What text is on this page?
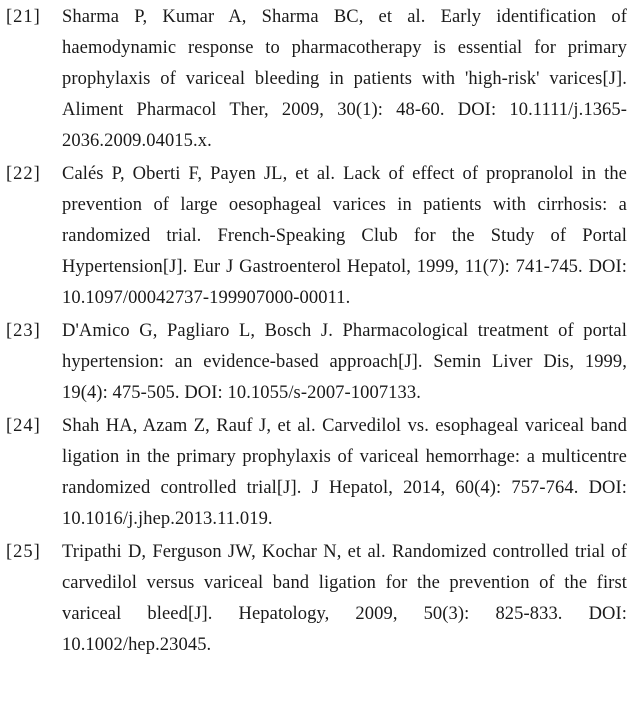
[21]	Sharma P, Kumar A, Sharma BC, et al. Early identification of haemodynamic response to pharmacotherapy is essential for primary prophylaxis of variceal bleeding in patients with 'high-risk' varices[J]. Aliment Pharmacol Ther, 2009, 30(1): 48-60. DOI: 10.1111/j.1365-2036.2009.04015.x.
[22]	Calés P, Oberti F, Payen JL, et al. Lack of effect of propranolol in the prevention of large oesophageal varices in patients with cirrhosis: a randomized trial. French-Speaking Club for the Study of Portal Hypertension[J]. Eur J Gastroenterol Hepatol, 1999, 11(7): 741-745. DOI: 10.1097/00042737-199907000-00011.
[23]	D'Amico G, Pagliaro L, Bosch J. Pharmacological treatment of portal hypertension: an evidence-based approach[J]. Semin Liver Dis, 1999, 19(4): 475-505. DOI: 10.1055/s-2007-1007133.
[24]	Shah HA, Azam Z, Rauf J, et al. Carvedilol vs. esophageal variceal band ligation in the primary prophylaxis of variceal hemorrhage: a multicentre randomized controlled trial[J]. J Hepatol, 2014, 60(4): 757-764. DOI: 10.1016/j.jhep.2013.11.019.
[25]	Tripathi D, Ferguson JW, Kochar N, et al. Randomized controlled trial of carvedilol versus variceal band ligation for the prevention of the first variceal bleed[J]. Hepatology, 2009, 50(3): 825-833. DOI: 10.1002/hep.23045.
